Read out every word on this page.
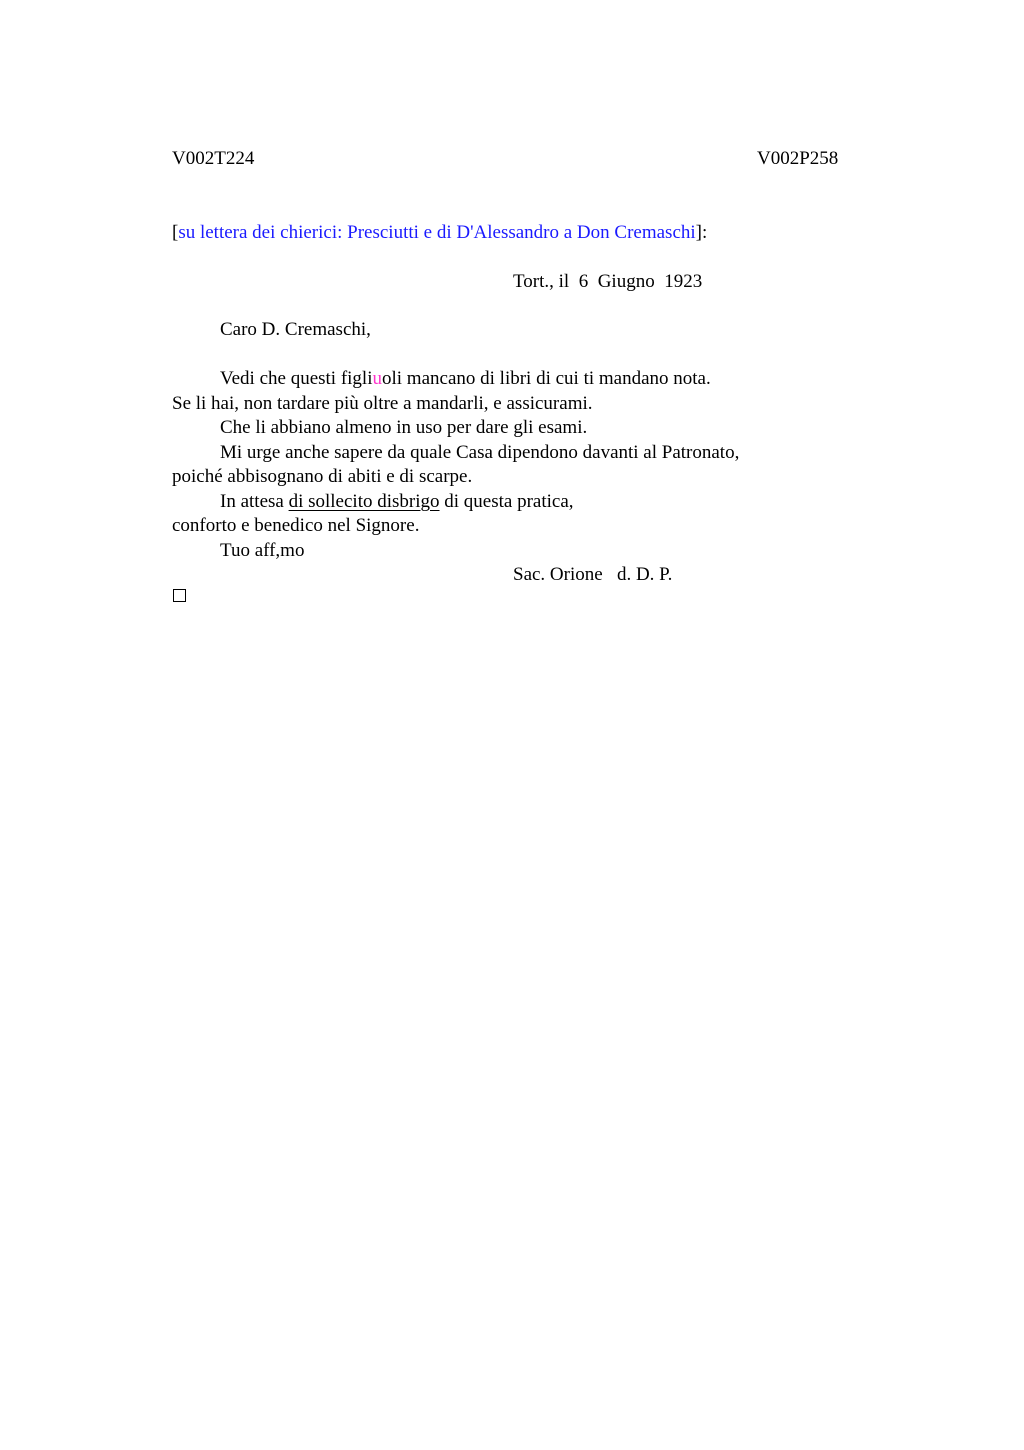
V002T224	V002P258
[su lettera dei chierici: Presciutti e di D'Alessandro a Don Cremaschi]:
Tort., il  6  Giugno  1923
Caro D. Cremaschi,
Vedi che questi figliuoli mancano di libri di cui ti mandano nota.
Se li hai, non tardare più oltre a mandarli, e assicurami.
Che li abbiano almeno in uso per dare gli esami.
Mi urge anche sapere da quale Casa dipendono davanti al Patronato,
poiché abbisognano di abiti e di scarpe.
In attesa di sollecito disbrigo di questa pratica,
conforto e benedico nel Signore.
Tuo aff,mo
Sac. Orione   d. D. P.
